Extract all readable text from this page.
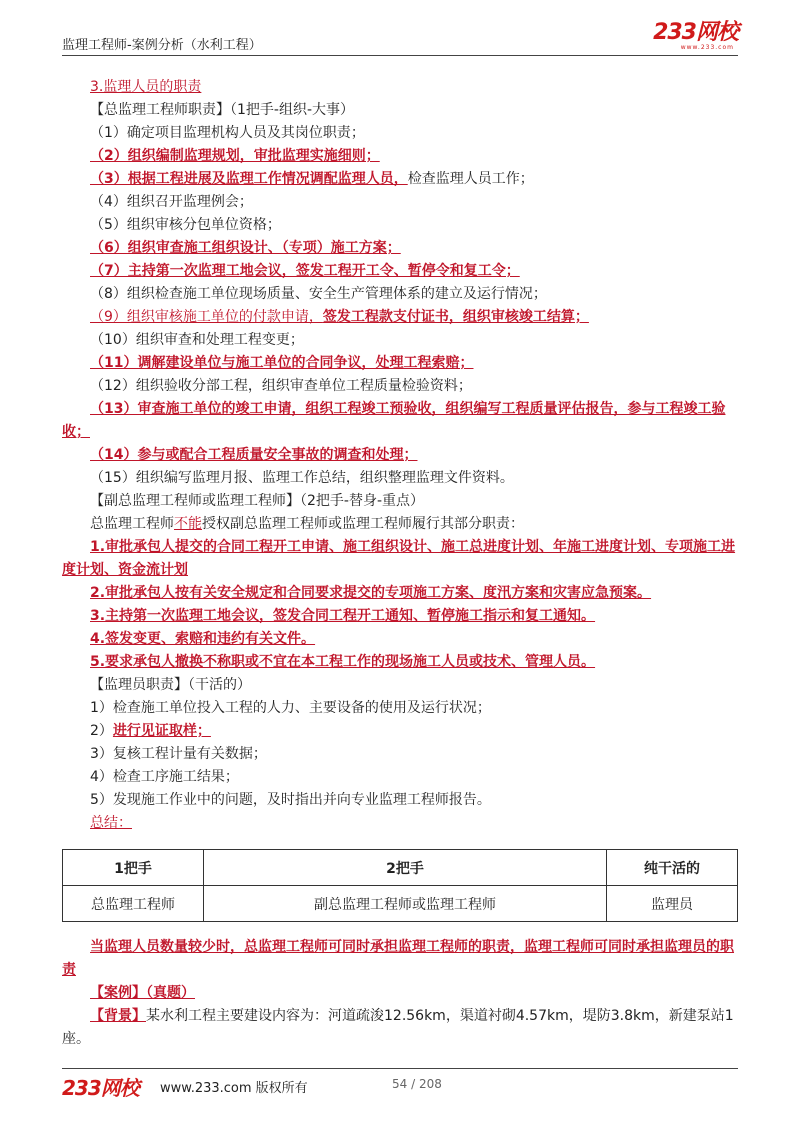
监理工程师-案例分析（水利工程）
233网校
www.233.com
3.监理人员的职责
【总监理工程师职责】（1把手-组织-大事）
（1）确定项目监理机构人员及其岗位职责；
（2）组织编制监理规划，审批监理实施细则；
（3）根据工程进展及监理工作情况调配监理人员，检查监理人员工作；
（4）组织召开监理例会；
（5）组织审核分包单位资格；
（6）组织审查施工组织设计、（专项）施工方案；
（7）主持第一次监理工地会议，签发工程开工令、暂停令和复工令；
（8）组织检查施工单位现场质量、安全生产管理体系的建立及运行情况；
（9）组织审核施工单位的付款申请，签发工程款支付证书，组织审核竣工结算；
（10）组织审查和处理工程变更；
（11）调解建设单位与施工单位的合同争议，处理工程索赔；
（12）组织验收分部工程，组织审查单位工程质量检验资料；
（13）审查施工单位的竣工申请，组织工程竣工预验收，组织编写工程质量评估报告，参与工程竣工验收；
（14）参与或配合工程质量安全事故的调查和处理；
（15）组织编写监理月报、监理工作总结，组织整理监理文件资料。
【副总监理工程师或监理工程师】（2把手-替身-重点）
总监理工程师不能授权副总监理工程师或监理工程师履行其部分职责：
1.审批承包人提交的合同工程开工申请、施工组织设计、施工总进度计划、年施工进度计划、专项施工进度计划、资金流计划
2.审批承包人按有关安全规定和合同要求提交的专项施工方案、度汛方案和灾害应急预案。
3.主持第一次监理工地会议，签发合同工程开工通知、暂停施工指示和复工通知。
4.签发变更、索赔和违约有关文件。
5.要求承包人撤换不称职或不宜在本工程工作的现场施工人员或技术、管理人员。
【监理员职责】（干活的）
1）检查施工单位投入工程的人力、主要设备的使用及运行状况；
2）进行见证取样；
3）复核工程计量有关数据；
4）检查工序施工结果；
5）发现施工作业中的问题，及时指出并向专业监理工程师报告。
总结：
1把手	2把手	纯干活的
总监理工程师	副总监理工程师或监理工程师	监理员
当监理人员数量较少时，总监理工程师可同时承担监理工程师的职责，监理工程师可同时承担监理员的职责
【案例】（真题）
【背景】某水利工程主要建设内容为：河道疏浚12.56km，渠道衬砌4.57km，堤防3.8km，新建泵站1座。
233网校 www.233.com 版权所有	54 / 208
